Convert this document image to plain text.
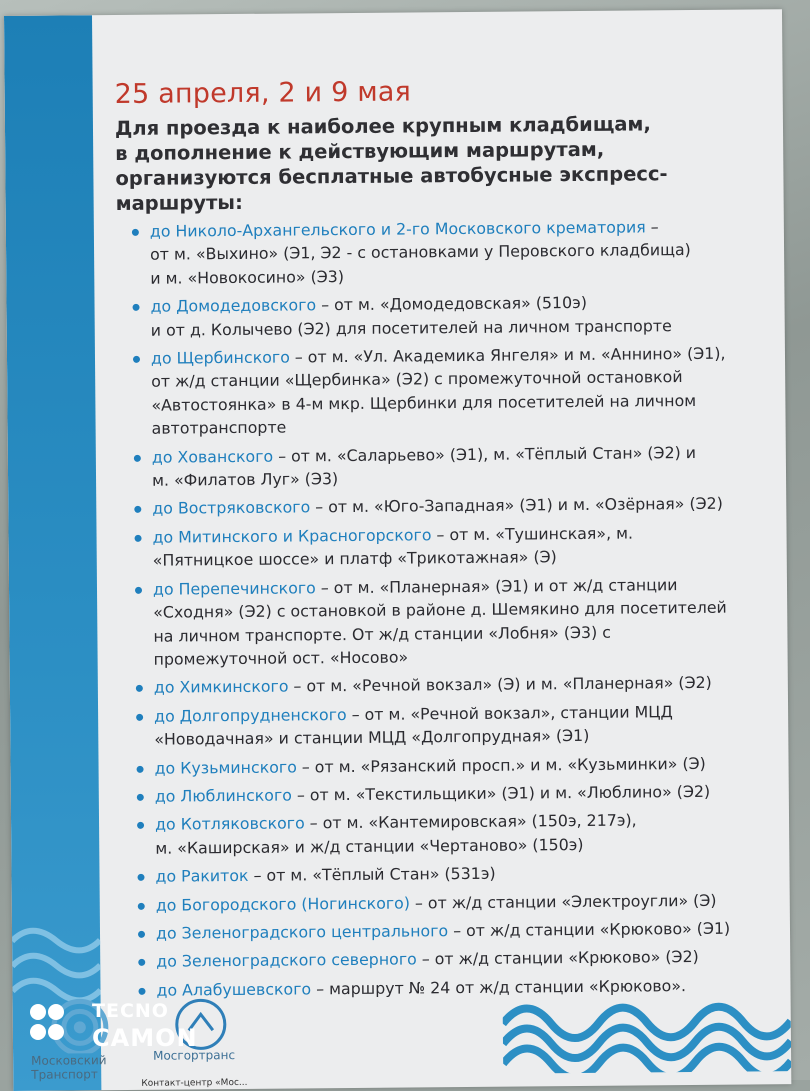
25 апреля, 2 и 9 мая

Для проезда к наиболее крупным кладбищам,

в дополнение к действующим маршрутам,

организуются бесплатные автобусные экспресс-маршруты:

до Николо-Архангельского и 2-го Московского крематория –
от м. «Выхино» (Э1, Э2 - с остановками у Перовского кладбища)
и м. «Новокосино» (Э3)
до Домодедовского – от м. «Домодедовская» (510э)
и от д. Колычево (Э2) для посетителей на личном транспорте
до Щербинского – от м. «Ул. Академика Янгеля» и м. «Аннино» (Э1),
от ж/д станции «Щербинка» (Э2) с промежуточной остановкой
«Автостоянка» в 4-м мкр. Щербинки для посетителей на личном
автотранспорте
до Хованского – от м. «Саларьево» (Э1), м. «Тёплый Стан» (Э2) и
м. «Филатов Луг» (Э3)
до Востряковского – от м. «Юго-Западная» (Э1) и м. «Озёрная» (Э2)
до Митинского и Красногорского – от м. «Тушинская», м.
«Пятницкое шоссе» и платф «Трикотажная» (Э)
до Перепечинского – от м. «Планерная» (Э1) и от ж/д станции
«Сходня» (Э2) с остановкой в районе д. Шемякино для посетителей
на личном транспорте. От ж/д станции «Лобня» (Э3) с
промежуточной ост. «Носово»
до Химкинского – от м. «Речной вокзал» (Э) и м. «Планерная» (Э2)
до Долгопрудненского – от м. «Речной вокзал», станции МЦД
«Новодачная» и станции МЦД «Долгопрудная» (Э1)
до Кузьминского – от м. «Рязанский просп.» и м. «Кузьминки» (Э)
до Люблинского – от м. «Текстильщики» (Э1) и м. «Люблино» (Э2)
до Котляковского – от м. «Кантемировская» (150э, 217э),
м. «Каширская» и ж/д станции «Чертаново» (150э)
до Ракиток – от м. «Тёплый Стан» (531э)
до Богородского (Ногинского) – от ж/д станции «Электроугли» (Э)
до Зеленоградского центрального – от ж/д станции «Крюково» (Э1)
до Зеленоградского северного – от ж/д станции «Крюково» (Э2)
до Алабушевского – маршрут № 24 от ж/д станции «Крюково».
Московский
Транспорт
Мосгортранс
Контакт-центр «Мос...
TECNO
CAMON
